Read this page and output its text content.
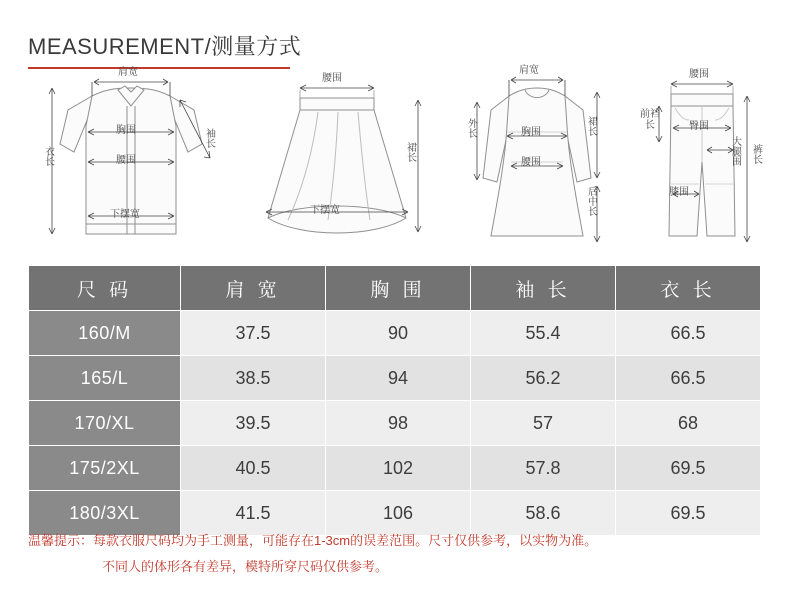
MEASUREMENT/测量方式
肩宽
胸围
腰围
下摆宽
衣长
袖长
腰围
下摆宽
裙长
肩宽
胸围
腰围
外长	裙长
后中长
腰围
臀围
前裆长
大腿围
膝围
裤长
尺 码	肩 宽	胸 围	袖 长	衣 长
160/M	37.5	90	55.4	66.5
165/L	38.5	94	56.2	66.5
170/XL	39.5	98	57	68
175/2XL	40.5	102	57.8	69.5
180/3XL	41.5	106	58.6	69.5
温馨提示：每款衣服尺码均为手工测量，可能存在1-3cm的误差范围。尺寸仅供参考，以实物为准。
不同人的体形各有差异，模特所穿尺码仅供参考。
